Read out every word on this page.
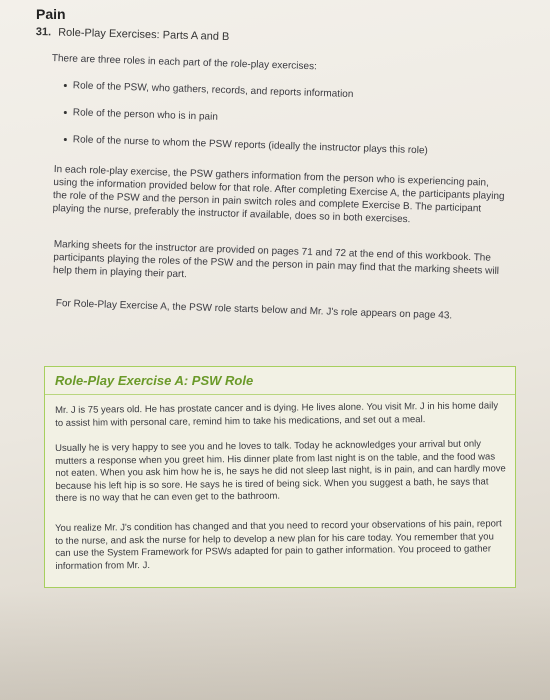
Pain
31. Role-Play Exercises: Parts A and B
There are three roles in each part of the role-play exercises:
Role of the PSW, who gathers, records, and reports information
Role of the person who is in pain
Role of the nurse to whom the PSW reports (ideally the instructor plays this role)
In each role-play exercise, the PSW gathers information from the person who is experiencing pain, using the information provided below for that role. After completing Exercise A, the participants playing the role of the PSW and the person in pain switch roles and complete Exercise B. The participant playing the nurse, preferably the instructor if available, does so in both exercises.
Marking sheets for the instructor are provided on pages 71 and 72 at the end of this workbook. The participants playing the roles of the PSW and the person in pain may find that the marking sheets will help them in playing their part.
For Role-Play Exercise A, the PSW role starts below and Mr. J's role appears on page 43.
Role-Play Exercise A: PSW Role
Mr. J is 75 years old. He has prostate cancer and is dying. He lives alone. You visit Mr. J in his home daily to assist him with personal care, remind him to take his medications, and set out a meal.
Usually he is very happy to see you and he loves to talk. Today he acknowledges your arrival but only mutters a response when you greet him. His dinner plate from last night is on the table, and the food was not eaten. When you ask him how he is, he says he did not sleep last night, is in pain, and can hardly move because his left hip is so sore. He says he is tired of being sick. When you suggest a bath, he says that there is no way that he can even get to the bathroom.
You realize Mr. J's condition has changed and that you need to record your observations of his pain, report to the nurse, and ask the nurse for help to develop a new plan for his care today. You remember that you can use the System Framework for PSWs adapted for pain to gather information. You proceed to gather information from Mr. J.
